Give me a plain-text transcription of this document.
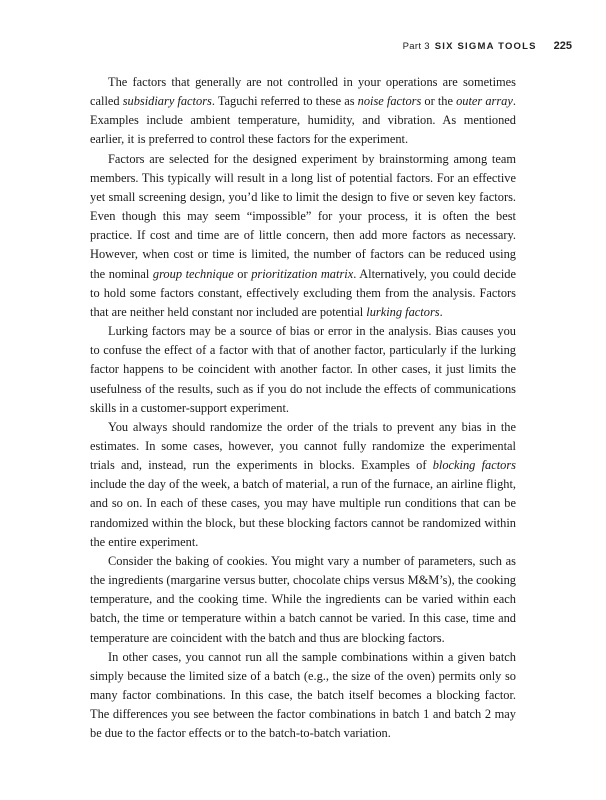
Part 3 SIX SIGMA TOOLS 225

The factors that generally are not controlled in your operations are sometimes called subsidiary factors. Taguchi referred to these as noise factors or the outer array. Examples include ambient temperature, humidity, and vibration. As mentioned earlier, it is preferred to control these factors for the experiment.

Factors are selected for the designed experiment by brainstorming among team members. This typically will result in a long list of potential factors. For an effective yet small screening design, you’d like to limit the design to five or seven key factors. Even though this may seem “impossible” for your process, it is often the best practice. If cost and time are of little concern, then add more factors as necessary. However, when cost or time is limited, the number of factors can be reduced using the nominal group technique or prioritization matrix. Alternatively, you could decide to hold some factors constant, effectively excluding them from the analysis. Factors that are neither held constant nor included are potential lurking factors.

Lurking factors may be a source of bias or error in the analysis. Bias causes you to confuse the effect of a factor with that of another factor, particularly if the lurking factor happens to be coincident with another factor. In other cases, it just limits the usefulness of the results, such as if you do not include the effects of communications skills in a customer-support experiment.

You always should randomize the order of the trials to prevent any bias in the estimates. In some cases, however, you cannot fully randomize the experimental trials and, instead, run the experiments in blocks. Examples of blocking factors include the day of the week, a batch of material, a run of the furnace, an airline flight, and so on. In each of these cases, you may have multiple run conditions that can be randomized within the block, but these blocking factors cannot be randomized within the entire experiment.

Consider the baking of cookies. You might vary a number of parameters, such as the ingredients (margarine versus butter, chocolate chips versus M&M’s), the cooking temperature, and the cooking time. While the ingredients can be varied within each batch, the time or temperature within a batch cannot be varied. In this case, time and temperature are coincident with the batch and thus are blocking factors.

In other cases, you cannot run all the sample combinations within a given batch simply because the limited size of a batch (e.g., the size of the oven) permits only so many factor combinations. In this case, the batch itself becomes a blocking factor. The differences you see between the factor combinations in batch 1 and batch 2 may be due to the factor effects or to the batch-to-batch variation.
